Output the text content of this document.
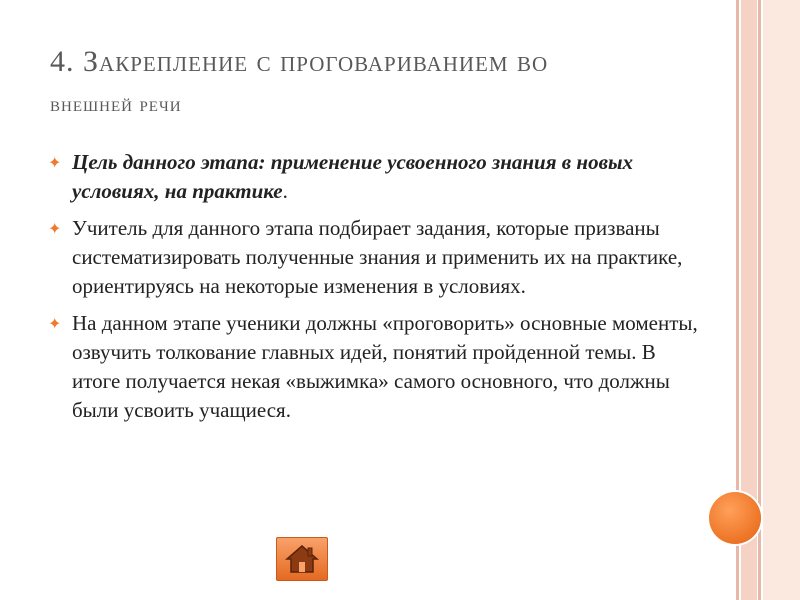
4. Закрепление с проговариванием во
внешней речи
✦ Цель данного этапа: применение усвоенного знания в новых условиях, на практике.
✦ Учитель для данного этапа подбирает задания, которые призваны систематизировать полученные знания и применить их на практике, ориентируясь на некоторые изменения в условиях.
✦ На данном этапе ученики должны «проговорить» основные моменты, озвучить толкование главных идей, понятий пройденной темы. В итоге получается некая «выжимка» самого основного, что должны были усвоить учащиеся.
